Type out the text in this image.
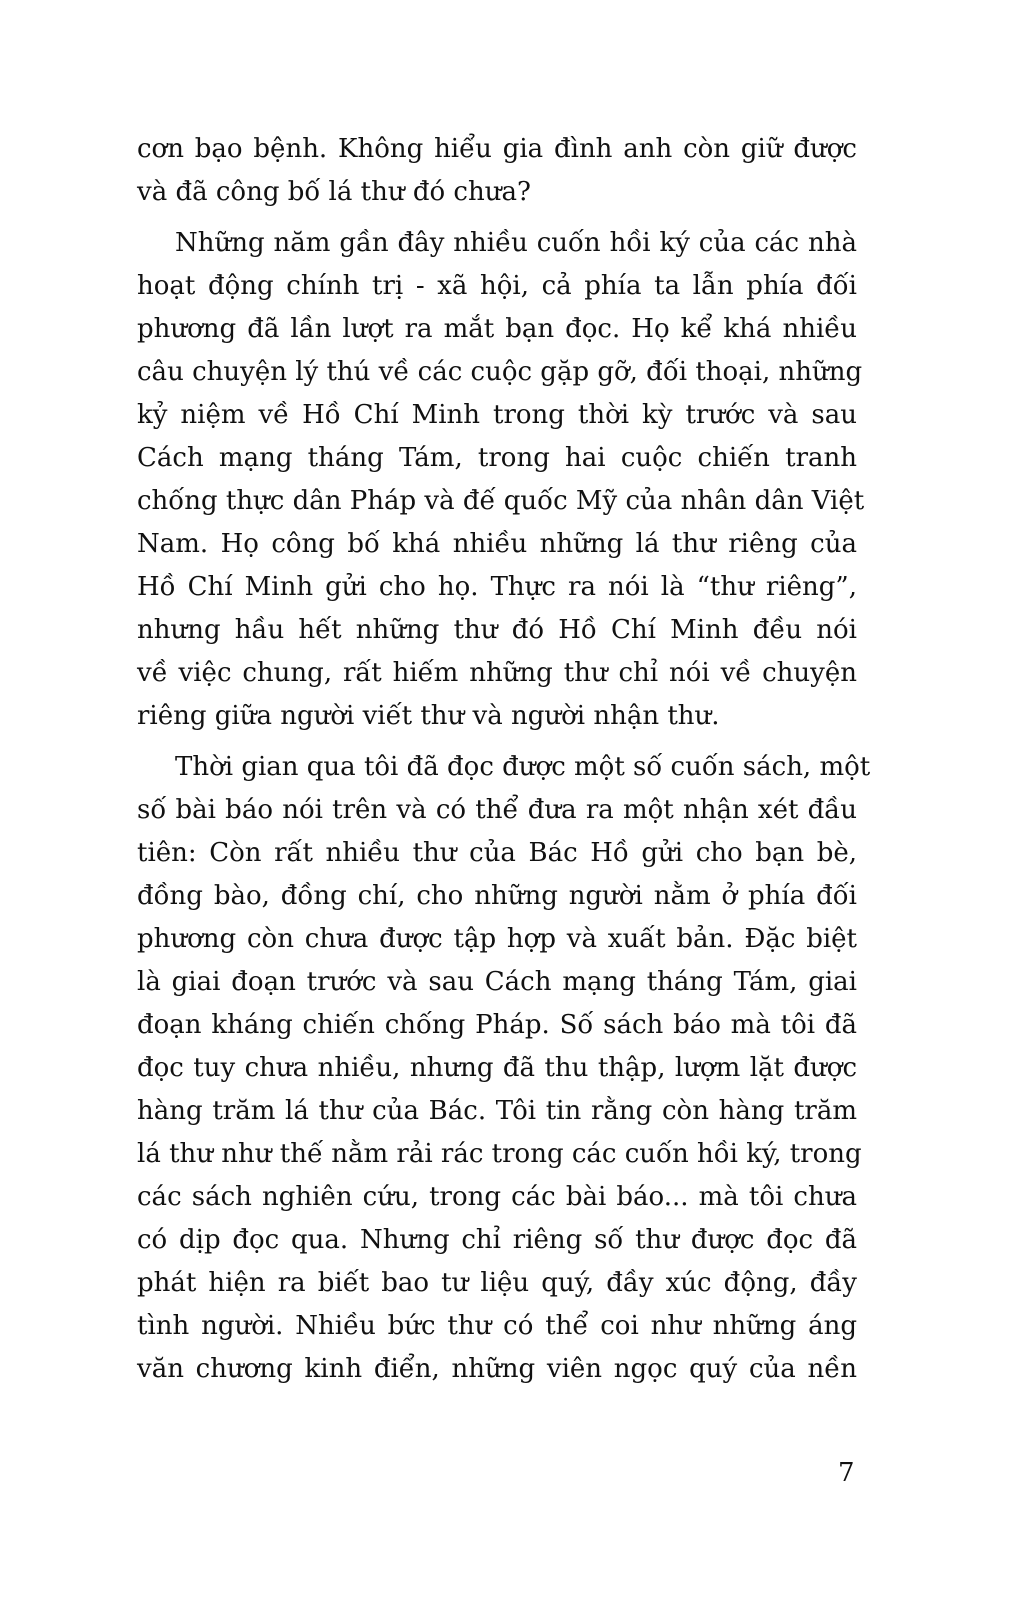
cơn bạo bệnh. Không hiểu gia đình anh còn giữ được
và đã công bố lá thư đó chưa?
Những năm gần đây nhiều cuốn hồi ký của các nhà
hoạt động chính trị - xã hội, cả phía ta lẫn phía đối
phương đã lần lượt ra mắt bạn đọc. Họ kể khá nhiều
câu chuyện lý thú về các cuộc gặp gỡ, đối thoại, những
kỷ niệm về Hồ Chí Minh trong thời kỳ trước và sau
Cách mạng tháng Tám, trong hai cuộc chiến tranh
chống thực dân Pháp và đế quốc Mỹ của nhân dân Việt
Nam. Họ công bố khá nhiều những lá thư riêng của
Hồ Chí Minh gửi cho họ. Thực ra nói là “thư riêng”,
nhưng hầu hết những thư đó Hồ Chí Minh đều nói
về việc chung, rất hiếm những thư chỉ nói về chuyện
riêng giữa người viết thư và người nhận thư.
Thời gian qua tôi đã đọc được một số cuốn sách, một
số bài báo nói trên và có thể đưa ra một nhận xét đầu
tiên: Còn rất nhiều thư của Bác Hồ gửi cho bạn bè,
đồng bào, đồng chí, cho những người nằm ở phía đối
phương còn chưa được tập hợp và xuất bản. Đặc biệt
là giai đoạn trước và sau Cách mạng tháng Tám, giai
đoạn kháng chiến chống Pháp. Số sách báo mà tôi đã
đọc tuy chưa nhiều, nhưng đã thu thập, lượm lặt được
hàng trăm lá thư của Bác. Tôi tin rằng còn hàng trăm
lá thư như thế nằm rải rác trong các cuốn hồi ký, trong
các sách nghiên cứu, trong các bài báo... mà tôi chưa
có dịp đọc qua. Nhưng chỉ riêng số thư được đọc đã
phát hiện ra biết bao tư liệu quý, đầy xúc động, đầy
tình người. Nhiều bức thư có thể coi như những áng
văn chương kinh điển, những viên ngọc quý của nền
7
